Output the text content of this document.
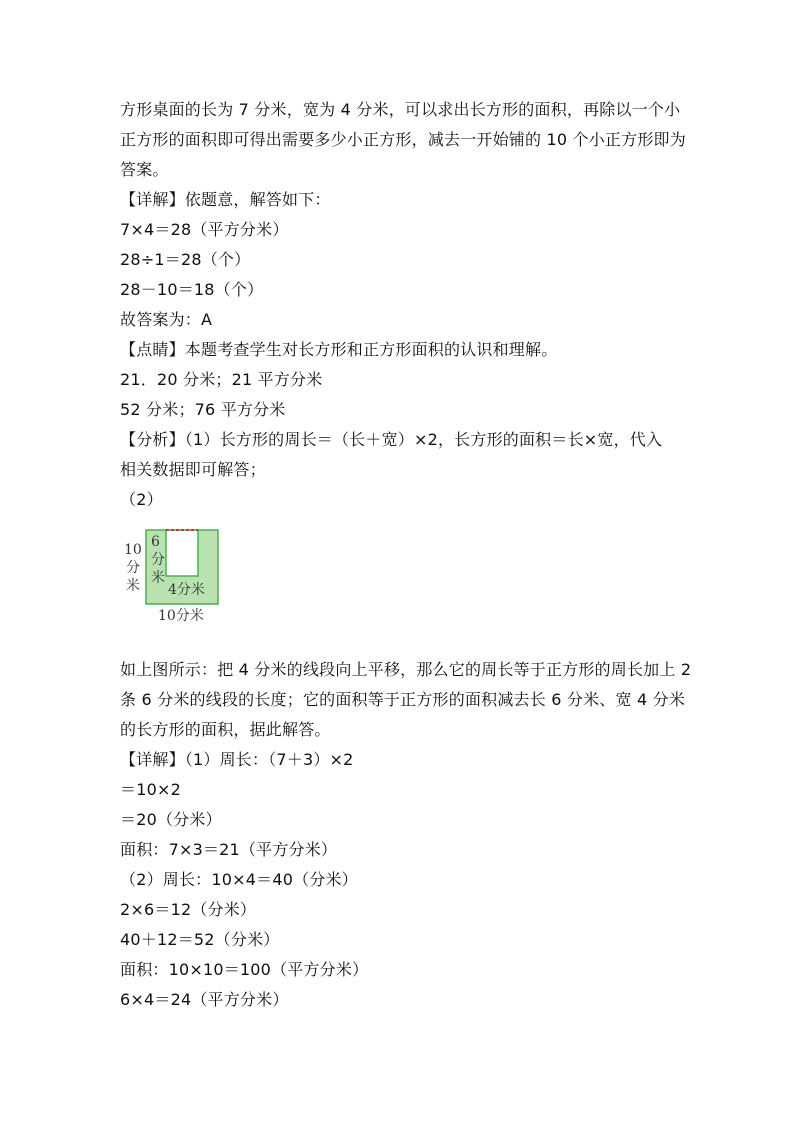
方形桌面的长为 7 分米，宽为 4 分米，可以求出长方形的面积，再除以一个小
正方形的面积即可得出需要多少小正方形，减去一开始铺的 10 个小正方形即为
答案。
【详解】依题意，解答如下：
7×4＝28（平方分米）
28÷1＝28（个）
28－10＝18（个）
故答案为：A
【点睛】本题考查学生对长方形和正方形面积的认识和理解。
21．20 分米；21 平方分米
52 分米；76 平方分米
【分析】（1）长方形的周长＝（长＋宽）×2，长方形的面积＝长×宽，代入
相关数据即可解答；
（2）
10
分
米
6
分
米
4分米
10分米
如上图所示：把 4 分米的线段向上平移，那么它的周长等于正方形的周长加上 2
条 6 分米的线段的长度；它的面积等于正方形的面积减去长 6 分米、宽 4 分米
的长方形的面积，据此解答。
【详解】（1）周长：（7＋3）×2
＝10×2
＝20（分米）
面积：7×3＝21（平方分米）
（2）周长：10×4＝40（分米）
2×6＝12（分米）
40＋12＝52（分米）
面积：10×10＝100（平方分米）
6×4＝24（平方分米）
